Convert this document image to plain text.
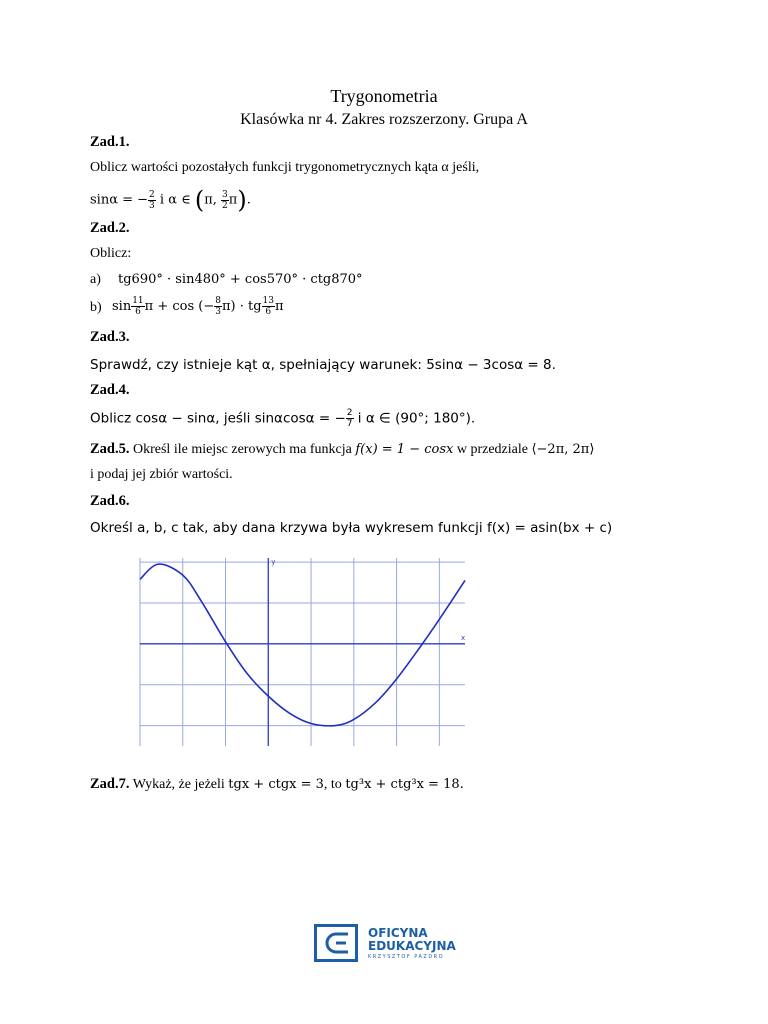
Trygonometria
Klasówka nr 4. Zakres rozszerzony. Grupa A
Zad.1.
Oblicz wartości pozostałych funkcji trygonometrycznych kąta α jeśli,
sinα = − $\frac{2}{3}$ i α ∈ (π, $\frac{3}{2} \pi$).
Zad.2.
Oblicz:
a) tg690° · sin480° + cos570° · ctg870°
b) $\sin \frac{11}{6}$ π + cos (− $\frac{8}{3} \pi$) · tg $\frac{13}{6}$ π
Zad.3.
Sprawdź, czy istnieje kąt α, spełniający warunek: 5sinα − 3cosα = 8.
Zad.4.
Oblicz cosα − sinα, jeśli sinαcosα = − $\frac{2}{7}$ i α ∈ (90°; 180°).
Zad.5. Określ ile miejsc zerowych ma funkcja f(x) = 1 − cosx w przedziale ⟨−2π, 2π⟩
i podaj jej zbiór wartości.
Zad.6.
Określ a, b, c tak, aby dana krzywa była wykresem funkcji f(x) = asin(bx + c)
x
y
Zad.7. Wykaż, że jeżeli tgx + ctgx = 3, to tg³x + ctg³x = 18.
OFICYNA
EDUKACYJNA
KRZYSZTOF PAZDRO
